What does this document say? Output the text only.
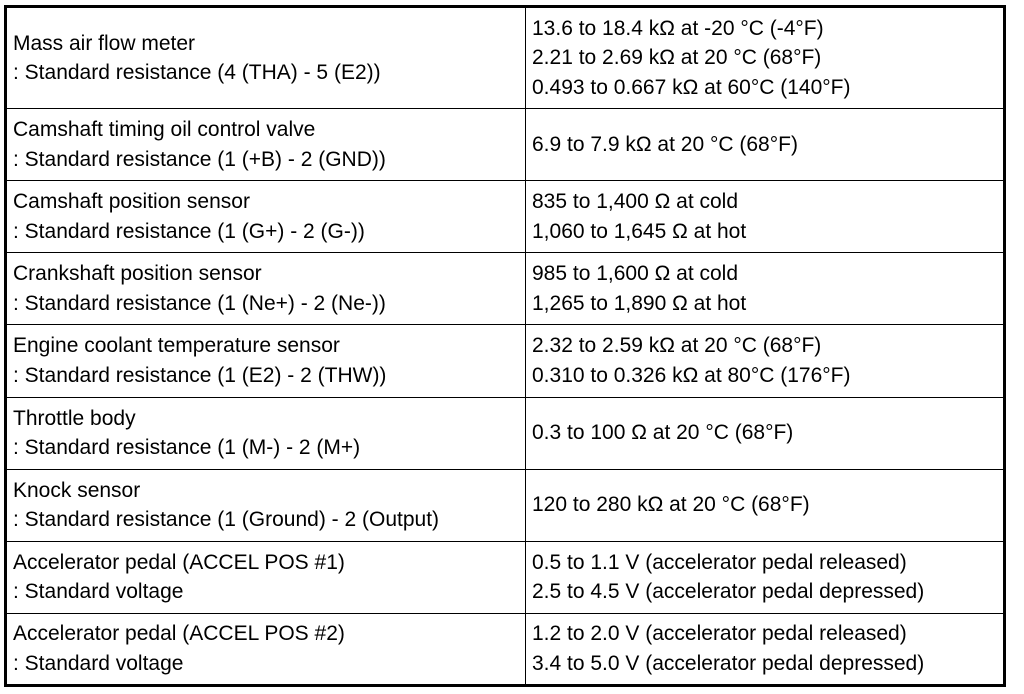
Mass air flow meter
: Standard resistance (4 (THA) - 5 (E2))	13.6 to 18.4 kΩ at -20 °C (-4°F)
2.21 to 2.69 kΩ at 20 °C (68°F)
0.493 to 0.667 kΩ at 60°C (140°F)

Camshaft timing oil control valve
: Standard resistance (1 (+B) - 2 (GND))	6.9 to 7.9 kΩ at 20 °C (68°F)

Camshaft position sensor
: Standard resistance (1 (G+) - 2 (G-))	835 to 1,400 Ω at cold
1,060 to 1,645 Ω at hot

Crankshaft position sensor
: Standard resistance (1 (Ne+) - 2 (Ne-))	985 to 1,600 Ω at cold
1,265 to 1,890 Ω at hot

Engine coolant temperature sensor
: Standard resistance (1 (E2) - 2 (THW))	2.32 to 2.59 kΩ at 20 °C (68°F)
0.310 to 0.326 kΩ at 80°C (176°F)

Throttle body
: Standard resistance (1 (M-) - 2 (M+)	0.3 to 100 Ω at 20 °C (68°F)

Knock sensor
: Standard resistance (1 (Ground) - 2 (Output)	120 to 280 kΩ at 20 °C (68°F)

Accelerator pedal (ACCEL POS #1)
: Standard voltage	0.5 to 1.1 V (accelerator pedal released)
2.5 to 4.5 V (accelerator pedal depressed)

Accelerator pedal (ACCEL POS #2)
: Standard voltage	1.2 to 2.0 V (accelerator pedal released)
3.4 to 5.0 V (accelerator pedal depressed)
